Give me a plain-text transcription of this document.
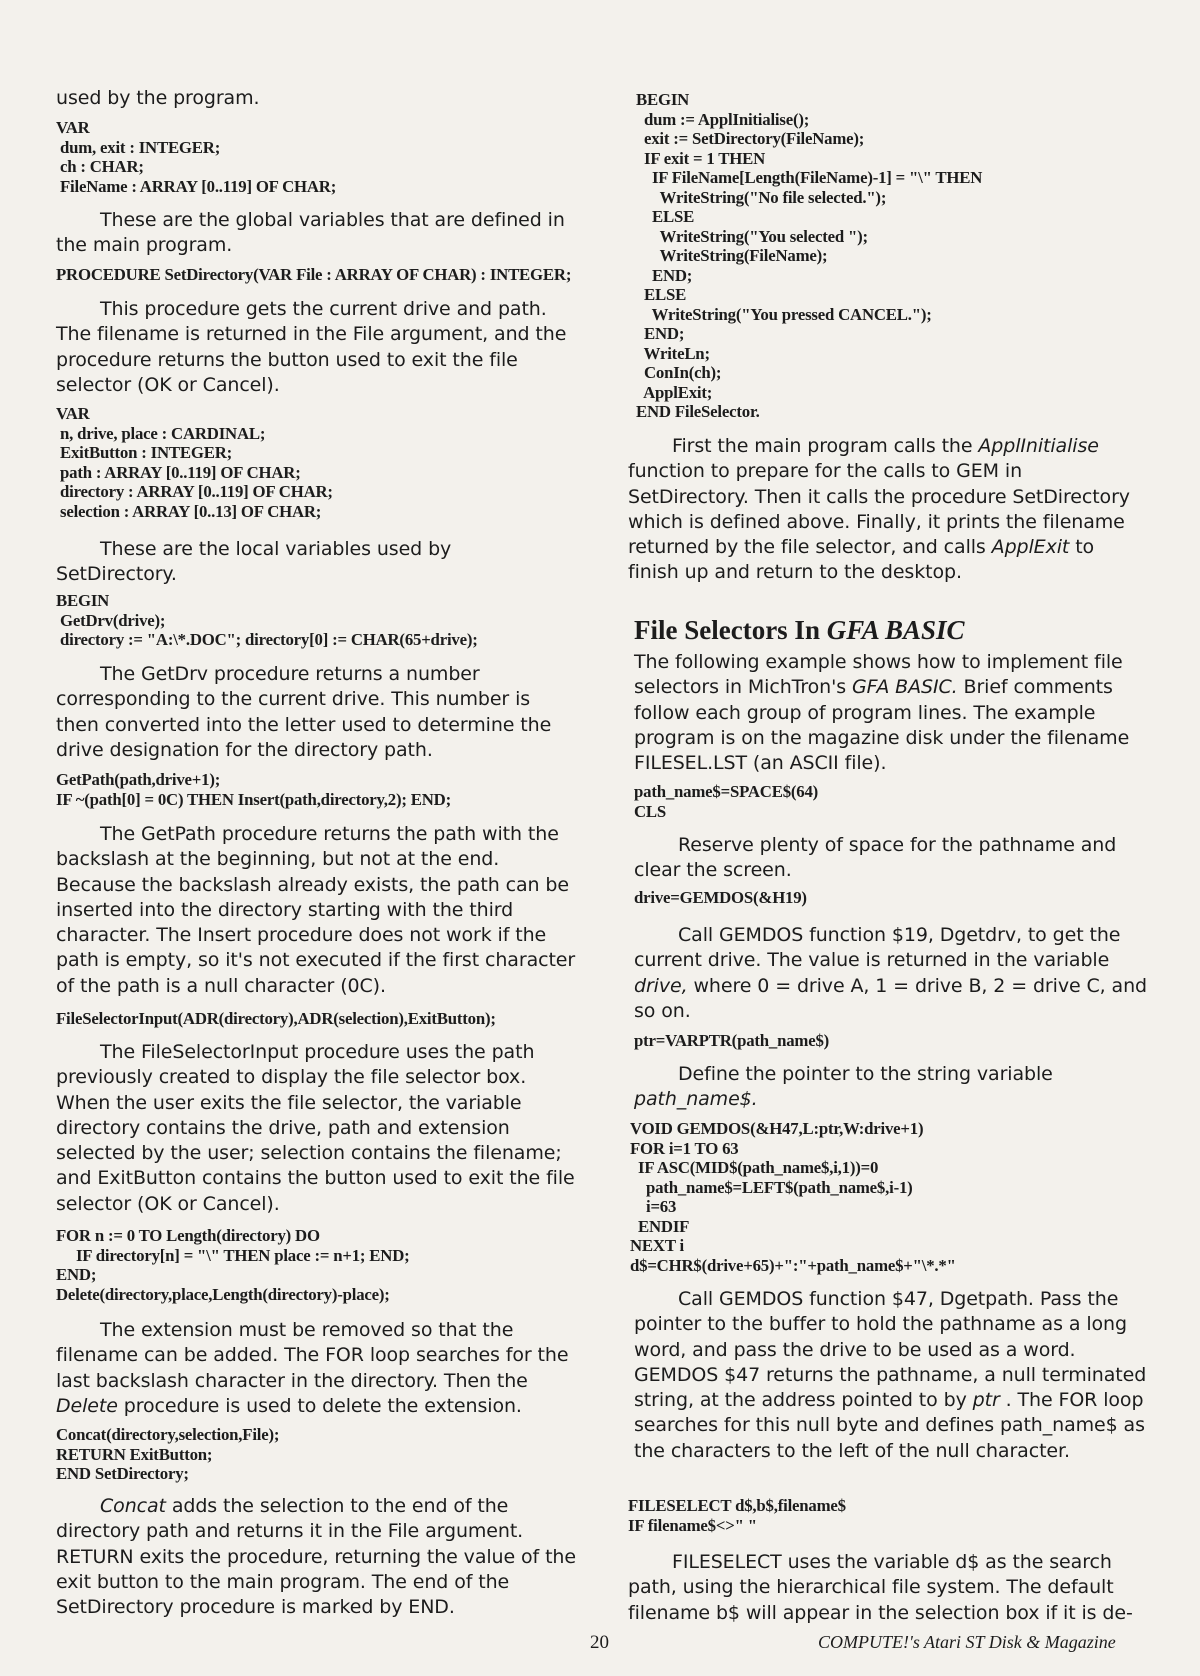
used by the program.

VAR
dum, exit : INTEGER;
ch : CHAR;
FileName : ARRAY [0..119] OF CHAR;

These are the global variables that are defined in the main program.

PROCEDURE SetDirectory(VAR File : ARRAY OF CHAR) : INTEGER;

This procedure gets the current drive and path. The filename is returned in the File argument, and the procedure returns the button used to exit the file selector (OK or Cancel).

VAR
n, drive, place : CARDINAL;
ExitButton : INTEGER;
path : ARRAY [0..119] OF CHAR;
directory : ARRAY [0..119] OF CHAR;
selection : ARRAY [0..13] OF CHAR;

These are the local variables used by SetDirectory.

BEGIN
GetDrv(drive);
directory := "A:\*.DOC"; directory[0] := CHAR(65+drive);

The GetDrv procedure returns a number corresponding to the current drive. This number is then converted into the letter used to determine the drive designation for the directory path.

GetPath(path,drive+1);
IF ~(path[0] = 0C) THEN Insert(path,directory,2); END;

The GetPath procedure returns the path with the backslash at the beginning, but not at the end. Because the backslash already exists, the path can be inserted into the directory starting with the third character. The Insert procedure does not work if the path is empty, so it's not executed if the first character of the path is a null character (0C).

FileSelectorInput(ADR(directory),ADR(selection),ExitButton);

The FileSelectorInput procedure uses the path previously created to display the file selector box. When the user exits the file selector, the variable directory contains the drive, path and extension selected by the user; selection contains the filename; and ExitButton contains the button used to exit the file selector (OK or Cancel).

FOR n := 0 TO Length(directory) DO
IF directory[n] = "\" THEN place := n+1; END;
END;
Delete(directory,place,Length(directory)-place);

The extension must be removed so that the filename can be added. The FOR loop searches for the last backslash character in the directory. Then the Delete procedure is used to delete the extension.

Concat(directory,selection,File);
RETURN ExitButton;
END SetDirectory;

Concat adds the selection to the end of the directory path and returns it in the File argument. RETURN exits the procedure, returning the value of the exit button to the main program. The end of the SetDirectory procedure is marked by END.

BEGIN
dum := ApplInitialise();
exit := SetDirectory(FileName);
IF exit = 1 THEN
IF FileName[Length(FileName)-1] = "\" THEN
WriteString("No file selected.");
ELSE
WriteString("You selected ");
WriteString(FileName);
END;
ELSE
WriteString("You pressed CANCEL.");
END;
WriteLn;
ConIn(ch);
ApplExit;
END FileSelector.

First the main program calls the ApplInitialise function to prepare for the calls to GEM in SetDirectory. Then it calls the procedure SetDirectory which is defined above. Finally, it prints the filename returned by the file selector, and calls ApplExit to finish up and return to the desktop.

File Selectors In GFA BASIC

The following example shows how to implement file selectors in MichTron's GFA BASIC. Brief comments follow each group of program lines. The example program is on the magazine disk under the filename FILESEL.LST (an ASCII file).

path_name$=SPACE$(64)
CLS

Reserve plenty of space for the pathname and clear the screen.

drive=GEMDOS(&H19)

Call GEMDOS function $19, Dgetdrv, to get the current drive. The value is returned in the variable drive, where 0 = drive A, 1 = drive B, 2 = drive C, and so on.

ptr=VARPTR(path_name$)

Define the pointer to the string variable path_name$.

VOID GEMDOS(&H47,L:ptr,W:drive+1)
FOR i=1 TO 63
IF ASC(MID$(path_name$,i,1))=0
path_name$=LEFT$(path_name$,i-1)
i=63
ENDIF
NEXT i
d$=CHR$(drive+65)+":"+path_name$+"\*.*"

Call GEMDOS function $47, Dgetpath. Pass the pointer to the buffer to hold the pathname as a long word, and pass the drive to be used as a word. GEMDOS $47 returns the pathname, a null terminated string, at the address pointed to by ptr . The FOR loop searches for this null byte and defines path_name$ as the characters to the left of the null character.

FILESELECT d$,b$,filename$
IF filename$<>" "

FILESELECT uses the variable d$ as the search path, using the hierarchical file system. The default filename b$ will appear in the selection box if it is de-

20	COMPUTE!'s Atari ST Disk & Magazine
